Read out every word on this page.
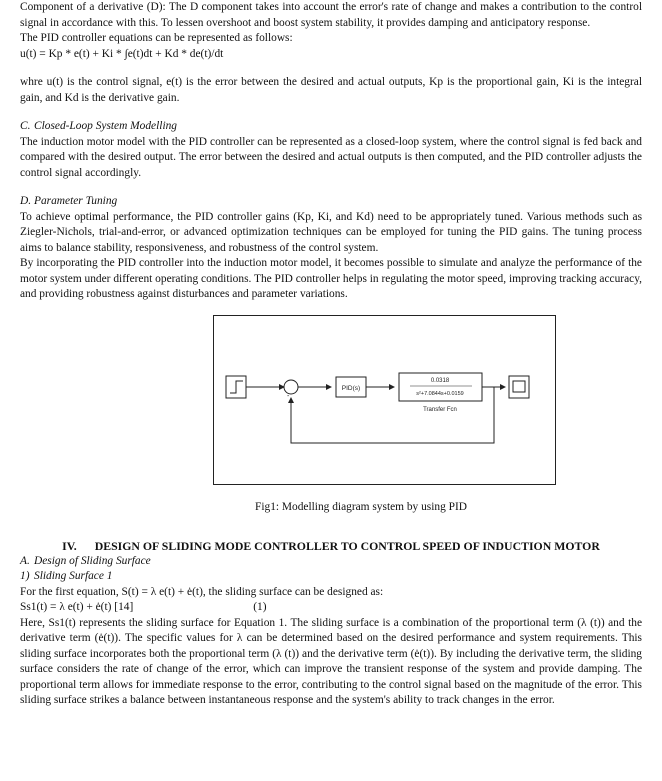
Component of a derivative (D): The D component takes into account the error's rate of change and makes a contribution to the control signal in accordance with this. To lessen overshoot and boost system stability, it provides damping and anticipatory response.

The PID controller equations can be represented as follows:

u(t) = Kp * e(t) + Ki * ∫e(t)dt + Kd * de(t)/dt

whre u(t) is the control signal, e(t) is the error between the desired and actual outputs, Kp is the proportional gain, Ki is the integral gain, and Kd is the derivative gain.

C. Closed-Loop System Modelling

The induction motor model with the PID controller can be represented as a closed-loop system, where the control signal is fed back and compared with the desired output. The error between the desired and actual outputs is then computed, and the PID controller adjusts the control signal accordingly.

D. Parameter Tuning

To achieve optimal performance, the PID controller gains (Kp, Ki, and Kd) need to be appropriately tuned. Various methods such as Ziegler-Nichols, trial-and-error, or advanced optimization techniques can be employed for tuning the PID gains. The tuning process aims to balance stability, responsiveness, and robustness of the control system.

By incorporating the PID controller into the induction motor model, it becomes possible to simulate and analyze the performance of the motor system under different operating conditions. The PID controller helps in regulating the motor speed, improving tracking accuracy, and providing robustness against disturbances and parameter variations.

-
PID(s)
0.0318
s²+7.0844s+0.0159
Transfer Fcn
Fig1: Modelling diagram system by using PID

IV. DESIGN OF SLIDING MODE CONTROLLER TO CONTROL SPEED OF INDUCTION MOTOR

A. Design of Sliding Surface

1) Sliding Surface 1

For the first equation, S(t) = λ e(t) + ė(t), the sliding surface can be designed as:

Ss1(t) = λ e(t) + ė(t) [14]	(1)

Here, Ss1(t) represents the sliding surface for Equation 1. The sliding surface is a combination of the proportional term (λ (t)) and the derivative term (ė(t)). The specific values for λ can be determined based on the desired performance and system requirements. This sliding surface incorporates both the proportional term (λ (t)) and the derivative term (ė(t)). By including the derivative term, the sliding surface considers the rate of change of the error, which can improve the transient response of the system and provide damping. The proportional term allows for immediate response to the error, contributing to the control signal based on the magnitude of the error. This sliding surface strikes a balance between instantaneous response and the system's ability to track changes in the error.
